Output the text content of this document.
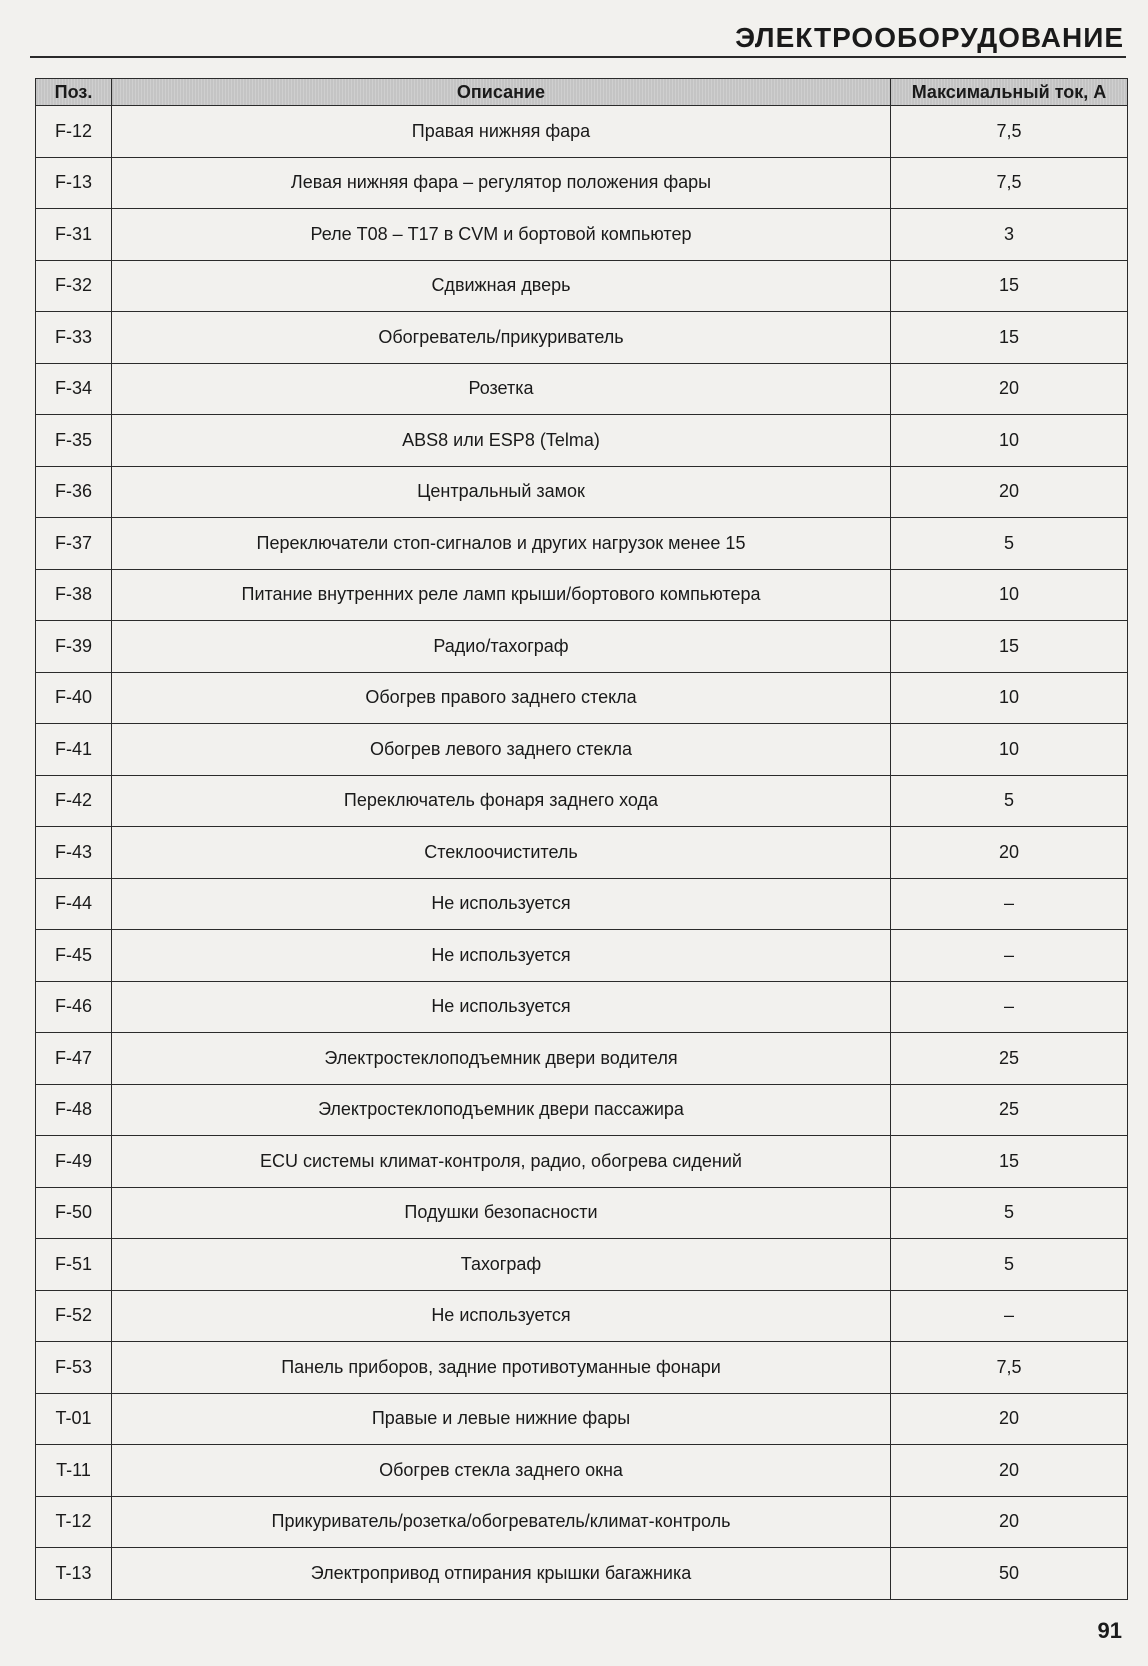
ЭЛЕКТРООБОРУДОВАНИЕ
Поз.	Описание	Максимальный ток, А
F-12	Правая нижняя фара	7,5
F-13	Левая нижняя фара – регулятор положения фары	7,5
F-31	Реле Т08 – Т17 в CVM и бортовой компьютер	3
F-32	Сдвижная дверь	15
F-33	Обогреватель/прикуриватель	15
F-34	Розетка	20
F-35	ABS8 или ESP8 (Telma)	10
F-36	Центральный замок	20
F-37	Переключатели стоп-сигналов и других нагрузок менее 15	5
F-38	Питание внутренних реле ламп крыши/бортового компьютера	10
F-39	Радио/тахограф	15
F-40	Обогрев правого заднего стекла	10
F-41	Обогрев левого заднего стекла	10
F-42	Переключатель фонаря заднего хода	5
F-43	Стеклоочиститель	20
F-44	Не используется	–
F-45	Не используется	–
F-46	Не используется	–
F-47	Электростеклоподъемник двери водителя	25
F-48	Электростеклоподъемник двери пассажира	25
F-49	ECU системы климат-контроля, радио, обогрева сидений	15
F-50	Подушки безопасности	5
F-51	Тахограф	5
F-52	Не используется	–
F-53	Панель приборов, задние противотуманные фонари	7,5
T-01	Правые и левые нижние фары	20
T-11	Обогрев стекла заднего окна	20
T-12	Прикуриватель/розетка/обогреватель/климат-контроль	20
T-13	Электропривод отпирания крышки багажника	50
91
